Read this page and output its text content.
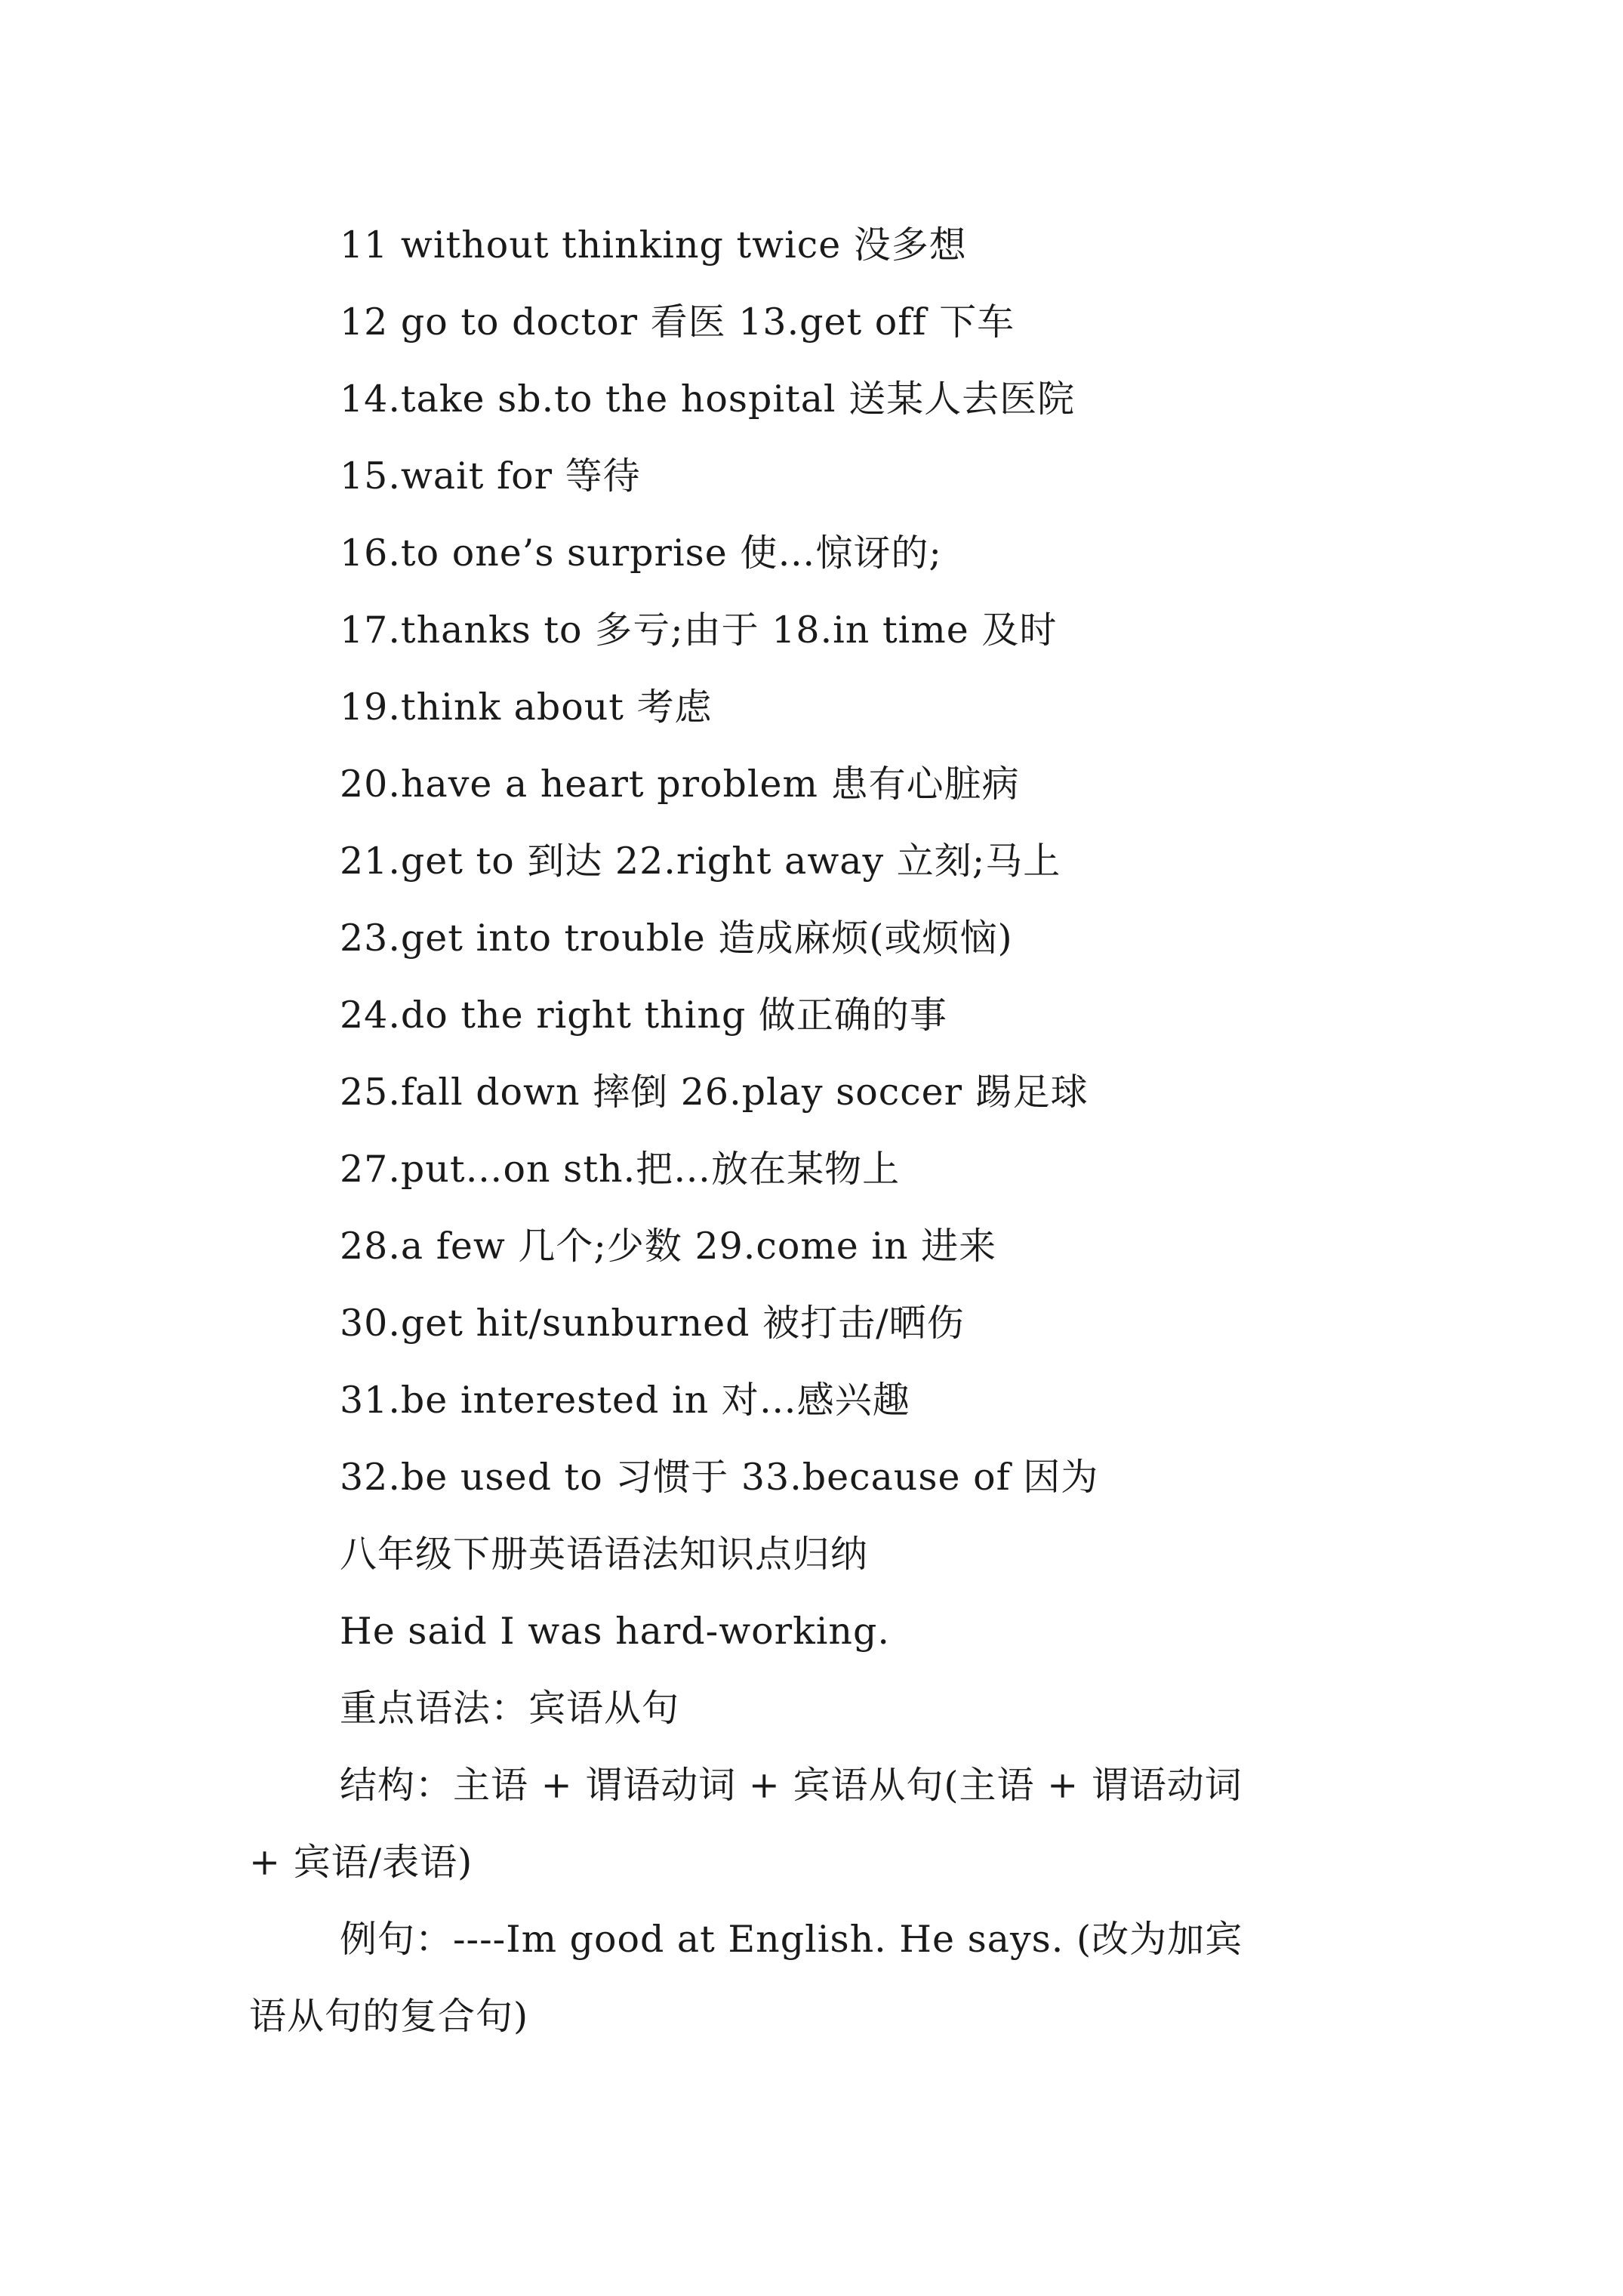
11 without thinking twice 没多想
12 go to doctor 看医 13.get off 下车
14.take sb.to the hospital 送某人去医院
15.wait for 等待
16.to one’s surprise 使…惊讶的;
17.thanks to 多亏;由于 18.in time 及时
19.think about 考虑
20.have a heart problem 患有心脏病
21.get to 到达 22.right away 立刻;马上
23.get into trouble 造成麻烦(或烦恼)
24.do the right thing 做正确的事
25.fall down 摔倒 26.play soccer 踢足球
27.put…on sth.把…放在某物上
28.a few 几个;少数 29.come in 进来
30.get hit/sunburned 被打击/晒伤
31.be interested in 对…感兴趣
32.be used to 习惯于 33.because of 因为
八年级下册英语语法知识点归纳
He said I was hard-working.
重点语法：宾语从句
结构：主语 + 谓语动词 + 宾语从句(主语 + 谓语动词
+ 宾语/表语)
例句：----Im good at English. He says. (改为加宾
语从句的复合句)
